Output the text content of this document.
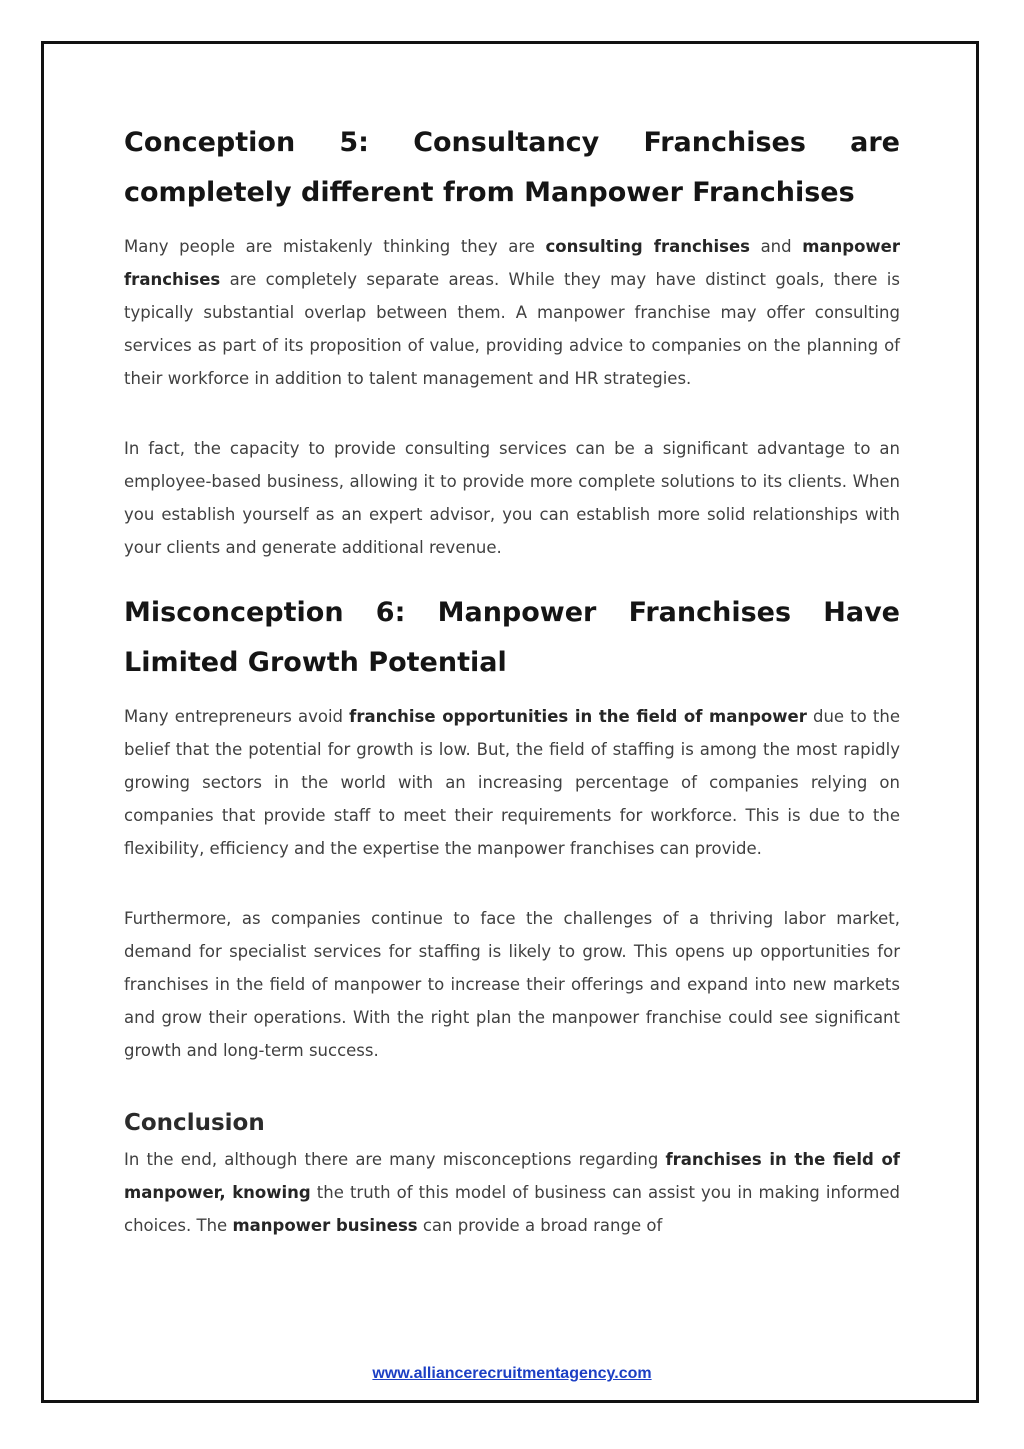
Conception 5: Consultancy Franchises are completely different from Manpower Franchises

Many people are mistakenly thinking they are consulting franchises and manpower franchises are completely separate areas. While they may have distinct goals, there is typically substantial overlap between them. A manpower franchise may offer consulting services as part of its proposition of value, providing advice to companies on the planning of their workforce in addition to talent management and HR strategies.

In fact, the capacity to provide consulting services can be a significant advantage to an employee-based business, allowing it to provide more complete solutions to its clients. When you establish yourself as an expert advisor, you can establish more solid relationships with your clients and generate additional revenue.

Misconception 6: Manpower Franchises Have Limited Growth Potential

Many entrepreneurs avoid franchise opportunities in the field of manpower due to the belief that the potential for growth is low. But, the field of staffing is among the most rapidly growing sectors in the world with an increasing percentage of companies relying on companies that provide staff to meet their requirements for workforce. This is due to the flexibility, efficiency and the expertise the manpower franchises can provide.

Furthermore, as companies continue to face the challenges of a thriving labor market, demand for specialist services for staffing is likely to grow. This opens up opportunities for franchises in the field of manpower to increase their offerings and expand into new markets and grow their operations. With the right plan the manpower franchise could see significant growth and long-term success.

Conclusion

In the end, although there are many misconceptions regarding franchises in the field of manpower, knowing the truth of this model of business can assist you in making informed choices. The manpower business can provide a broad range of

www.alliancerecruitmentagency.com
